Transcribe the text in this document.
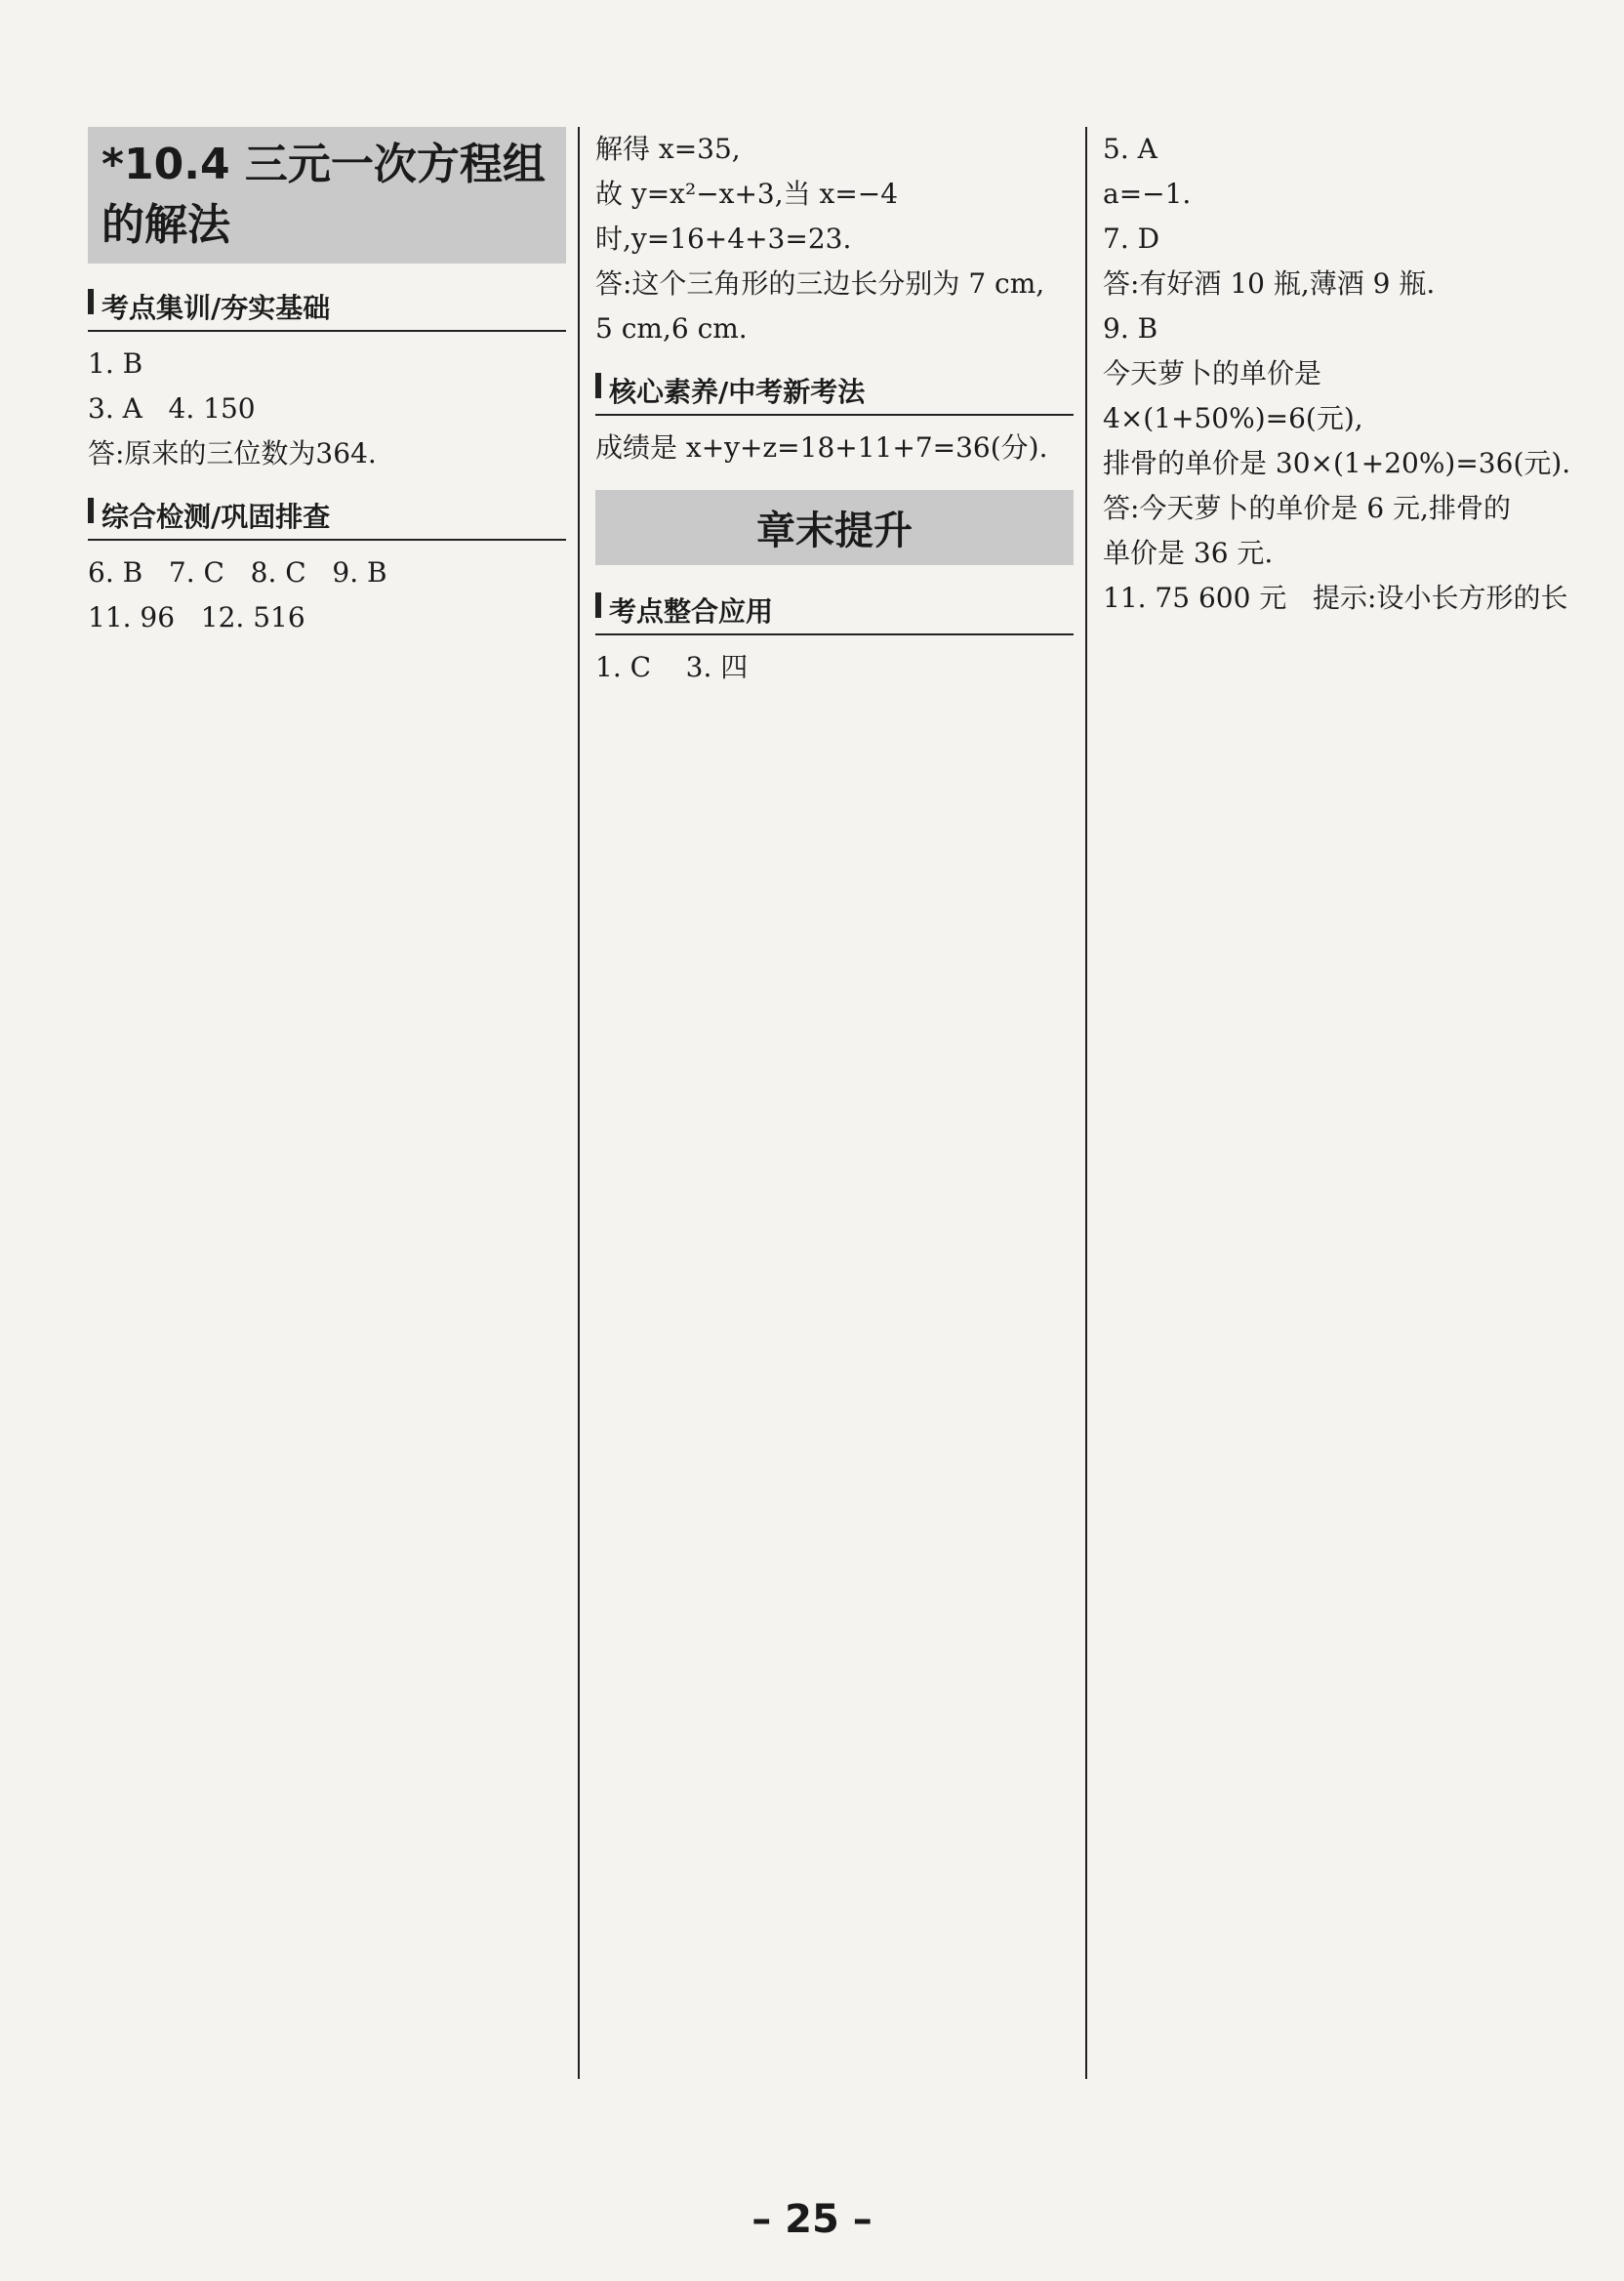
*10.4 三元一次方程组的解法
考点集训/夯实基础
1. B
3. A   4. 150
答:原来的三位数为364.
综合检测/巩固排查
6. B   7. C   8. C   9. B
11. 96   12. 516
解得 x=35,
故 y=x²−x+3,当 x=−4 时,y=16+4+3=23.
答:这个三角形的三边长分别为 7 cm,
5 cm,6 cm.
核心素养/中考新考法
成绩是 x+y+z=18+11+7=36(分).
章末提升
考点整合应用
1. C    3. 四
5. A
a=−1.
7. D
答:有好酒 10 瓶,薄酒 9 瓶.
9. B
今天萝卜的单价是 4×(1+50%)=6(元),
排骨的单价是 30×(1+20%)=36(元).
答:今天萝卜的单价是 6 元,排骨的
单价是 36 元.
11. 75 600 元   提示:设小长方形的长
– 25 –
